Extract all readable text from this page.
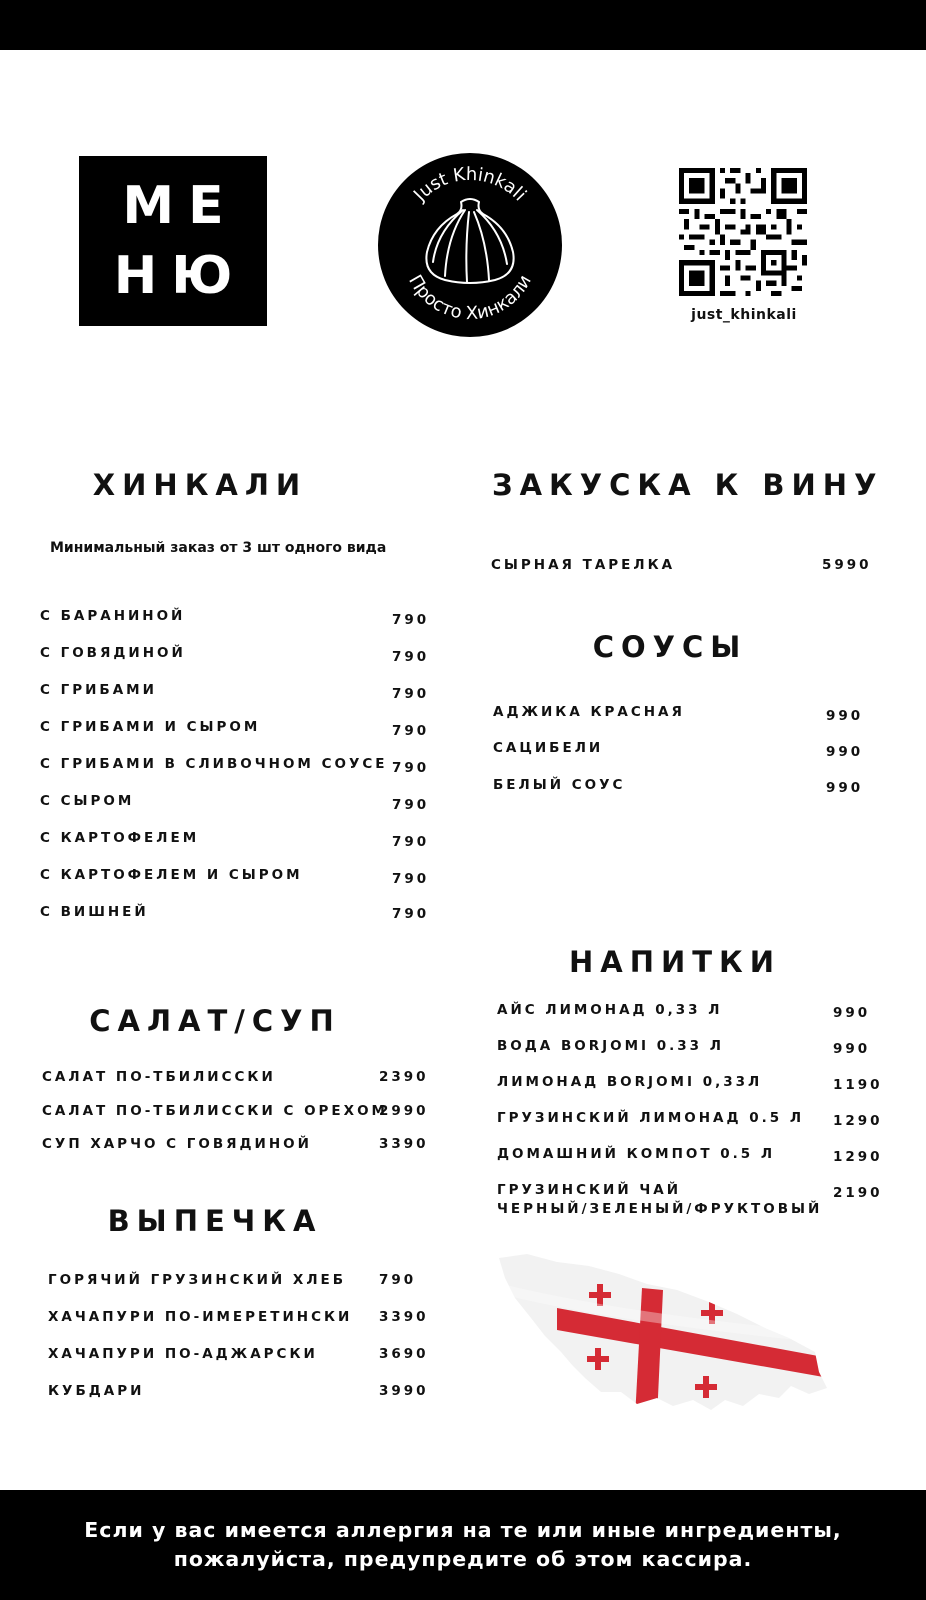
МЕ
НЮ
Just Khinkali
Просто Хинкали
just_khinkali
ХИНКАЛИ	ЗАКУСКА К ВИНУ
СОУСЫ
САЛАТ/СУП
НАПИТКИ
ВЫПЕЧКА
Минимальный заказ от 3 шт одного вида
С БАРАНИНОЙ	790
С ГОВЯДИНОЙ	790
С ГРИБАМИ	790
С ГРИБАМИ И СЫРОМ	790
С ГРИБАМИ В СЛИВОЧНОМ СОУСЕ 790
С СЫРОМ	790
С КАРТОФЕЛЕМ	790
С КАРТОФЕЛЕМ И СЫРОМ	790
С ВИШНЕЙ	790
СЫРНАЯ ТАРЕЛКА	5990
АДЖИКА КРАСНАЯ	990
САЦИБЕЛИ	990
БЕЛЫЙ СОУС	990
САЛАТ ПО-ТБИЛИССКИ	2390
САЛАТ ПО-ТБИЛИССКИ С ОРЕХОМ
2990
СУП ХАРЧО С ГОВЯДИНОЙ	3390
АЙС ЛИМОНАД 0,33 Л	990
ВОДА BORJOMI 0.33 Л	990
ЛИМОНАД BORJOMI 0,33Л	1190
ГРУЗИНСКИЙ ЛИМОНАД 0.5 Л 1290
ДОМАШНИЙ КОМПОТ 0.5 Л	1290
ГРУЗИНСКИЙ ЧАЙ
ЧЕРНЫЙ/ЗЕЛЕНЫЙ/ФРУКТОВЫЙ
2190
ГОРЯЧИЙ ГРУЗИНСКИЙ ХЛЕБ 790
ХАЧАПУРИ ПО-ИМЕРЕТИНСКИ 3390
ХАЧАПУРИ ПО-АДЖАРСКИ	3690
КУБДАРИ	3990
Если у вас имеется аллергия на те или иные ингредиенты,
пожалуйста, предупредите об этом кассира.
